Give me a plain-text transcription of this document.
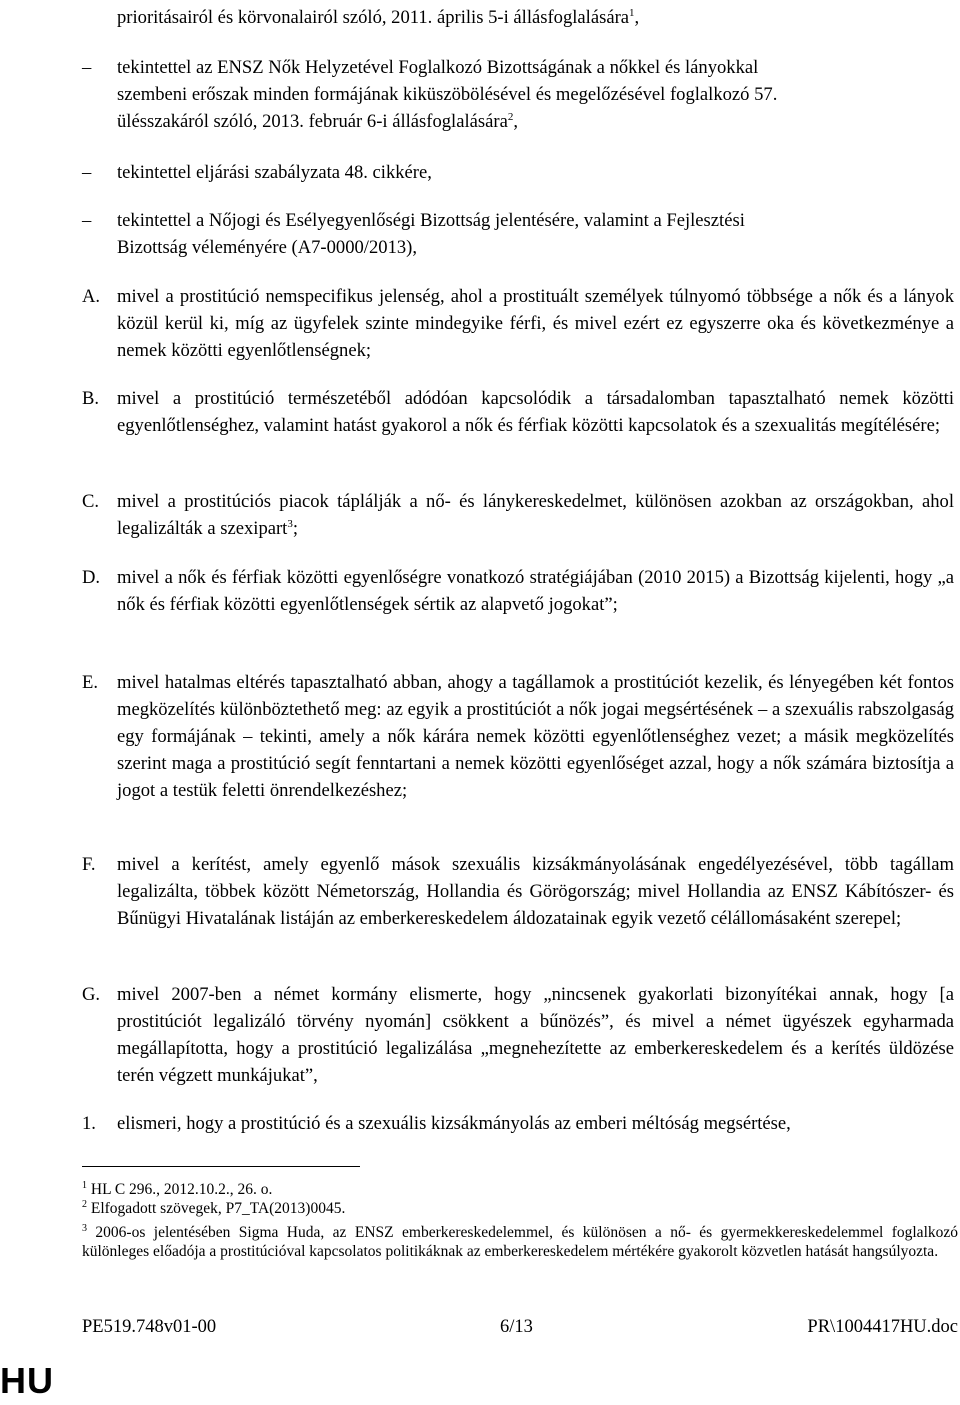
prioritásairól és körvonalairól szóló, 2011. április 5-i állásfoglalására$^1$,
–	tekintettel az ENSZ Nők Helyzetével Foglalkozó Bizottságának a nőkkel és lányokkal
szembeni erőszak minden formájának kiküszöbölésével és megelőzésével foglalkozó 57.
ülésszakáról szóló, 2013. február 6-i állásfoglalására$^2$,
–	tekintettel eljárási szabályzata 48. cikkére,
–	tekintettel a Nőjogi és Esélyegyenlőségi Bizottság jelentésére, valamint a Fejlesztési
Bizottság véleményére (A7-0000/2013),
A. mivel a prostitúció nemspecifikus jelenség, ahol a prostituált személyek túlnyomó többsége a nők és a lányok közül kerül ki, míg az ügyfelek szinte mindegyike férfi, és mivel ezért ez egyszerre oka és következménye a nemek közötti egyenlőtlenségnek;
B. mivel a prostitúció természetéből adódóan kapcsolódik a társadalomban tapasztalható nemek közötti egyenlőtlenséghez, valamint hatást gyakorol a nők és férfiak közötti kapcsolatok és a szexualitás megítélésére;
C. mivel a prostitúciós piacok táplálják a nő- és lánykereskedelmet, különösen azokban az országokban, ahol legalizálták a szexipart$^3$;
D. mivel a nők és férfiak közötti egyenlőségre vonatkozó stratégiájában (2010 2015) a Bizottság kijelenti, hogy „a nők és férfiak közötti egyenlőtlenségek sértik az alapvető jogokat”;
E.	mivel hatalmas eltérés tapasztalható abban, ahogy a tagállamok a prostitúciót kezelik, és lényegében két fontos megközelítés különböztethető meg: az egyik a prostitúciót a nők jogai megsértésének – a szexuális rabszolgaság egy formájának – tekinti, amely a nők kárára nemek közötti egyenlőtlenséghez vezet; a másik megközelítés szerint maga a prostitúció segít fenntartani a nemek közötti egyenlőséget azzal, hogy a nők számára biztosítja a jogot a testük feletti önrendelkezéshez;
F.	mivel a kerítést, amely egyenlő mások szexuális kizsákmányolásának engedélyezésével, több tagállam legalizálta, többek között Németország, Hollandia és Görögország; mivel Hollandia az ENSZ Kábítószer- és Bűnügyi Hivatalának listáján az emberkereskedelem áldozatainak egyik vezető célállomásaként szerepel;
G. mivel 2007-ben a német kormány elismerte, hogy „nincsenek gyakorlati bizonyítékai annak, hogy [a prostitúciót legalizáló törvény nyomán] csökkent a bűnözés”, és mivel a német ügyészek egyharmada megállapította, hogy a prostitúció legalizálása „megnehezítette az emberkereskedelem és a kerítés üldözése terén végzett munkájukat”,
1.	elismeri, hogy a prostitúció és a szexuális kizsákmányolás az emberi méltóság megsértése,
$^1$ HL C 296., 2012.10.2., 26. o.
$^2$ Elfogadott szövegek, P7_TA(2013)0045.
$^3$ 2006-os jelentésében Sigma Huda, az ENSZ emberkereskedelemmel, és különösen a nő- és gyermekkereskedelemmel foglalkozó különleges előadója a prostitúcióval kapcsolatos politikáknak az emberkereskedelem mértékére gyakorolt közvetlen hatását hangsúlyozta.
PE519.748v01-00	6/13	PR\1004417HU.doc
HU
